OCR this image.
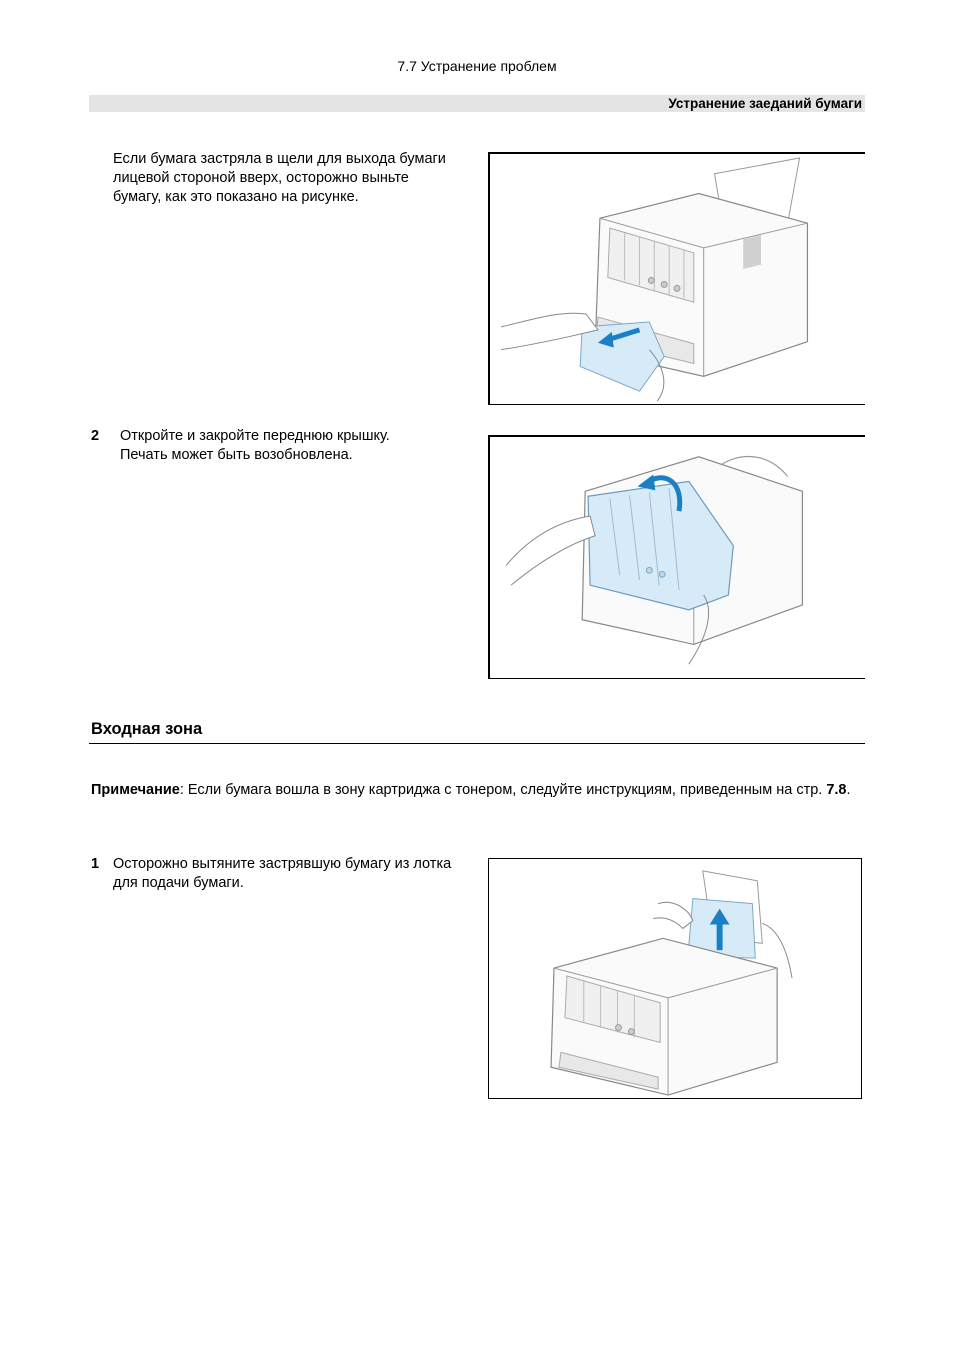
7.7 Устранение проблем
Устранение заеданий бумаги
Если бумага застряла в щели для выхода бумаги лицевой стороной вверх, осторожно выньте бумагу, как это показано на рисунке.
2 Откройте и закройте переднюю крышку. Печать может быть возобновлена.
Входная зона
Примечание: Если бумага вошла в зону картриджа с тонером, следуйте инструкциям, приведенным на стр. 7.8.
1 Осторожно вытяните застрявшую бумагу из лотка для подачи бумаги.
